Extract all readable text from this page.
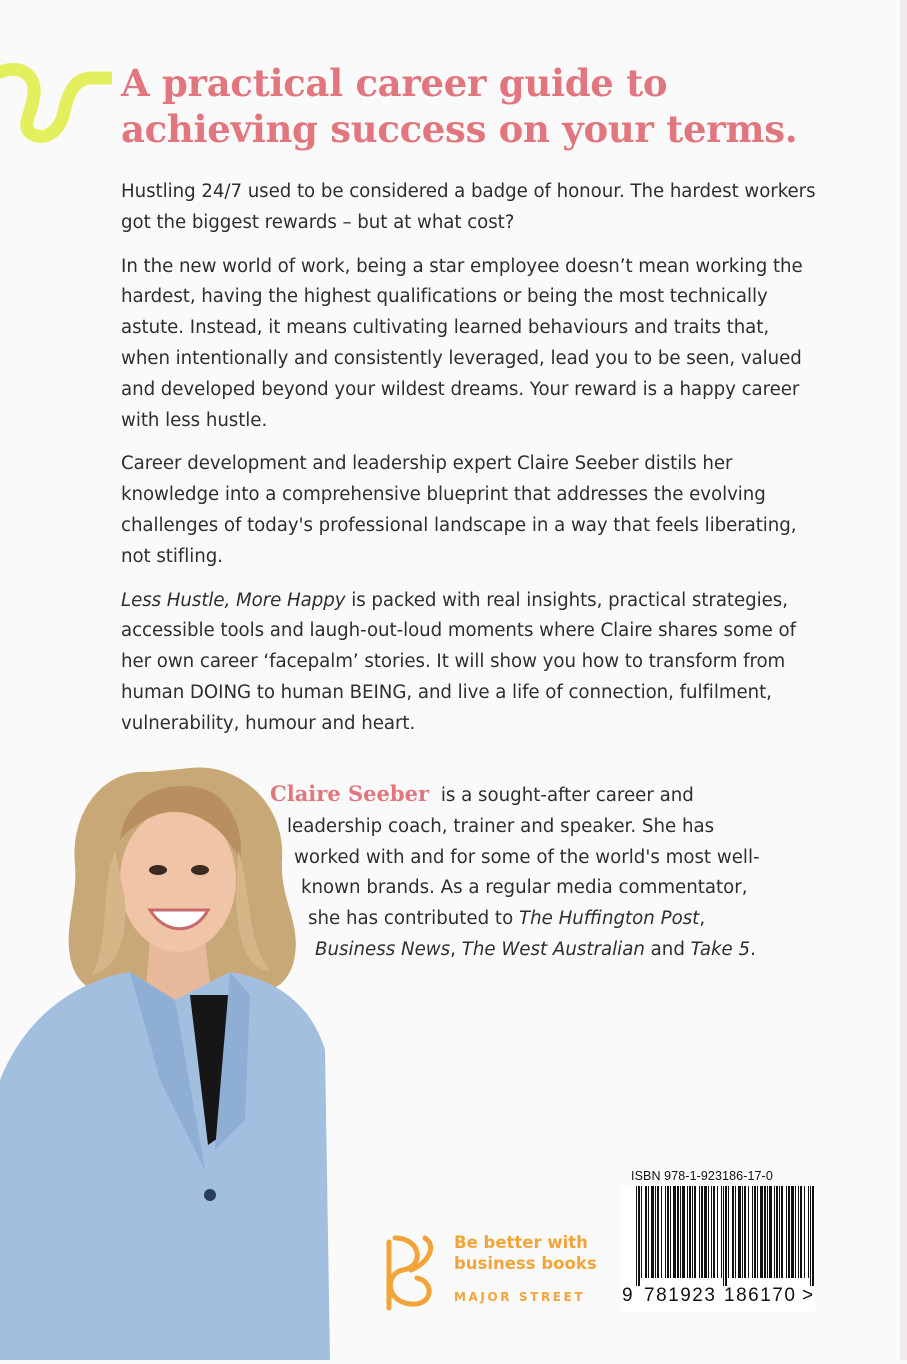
A practical career guide to achieving success on your terms.

Hustling 24/7 used to be considered a badge of honour. The hardest workers got the biggest rewards – but at what cost?

In the new world of work, being a star employee doesn’t mean working the hardest, having the highest qualifications or being the most technically astute. Instead, it means cultivating learned behaviours and traits that, when intentionally and consistently leveraged, lead you to be seen, valued and developed beyond your wildest dreams. Your reward is a happy career with less hustle.

Career development and leadership expert Claire Seeber distils her knowledge into a comprehensive blueprint that addresses the evolving challenges of today's professional landscape in a way that feels liberating, not stifling.

Less Hustle, More Happy is packed with real insights, practical strategies, accessible tools and laugh-out-loud moments where Claire shares some of her own career ‘facepalm’ stories. It will show you how to transform from human DOING to human BEING, and live a life of connection, fulfilment, vulnerability, humour and heart.

Claire Seeber is a sought-after career and
leadership coach, trainer and speaker. She has
worked with and for some of the world's most well-
known brands. As a regular media commentator,
she has contributed to The Huffington Post,
Business News, The West Australian and Take 5.
Be better with
business books
MAJOR STREET
ISBN 978-1-923186-17-0
9 781923 186170 >
